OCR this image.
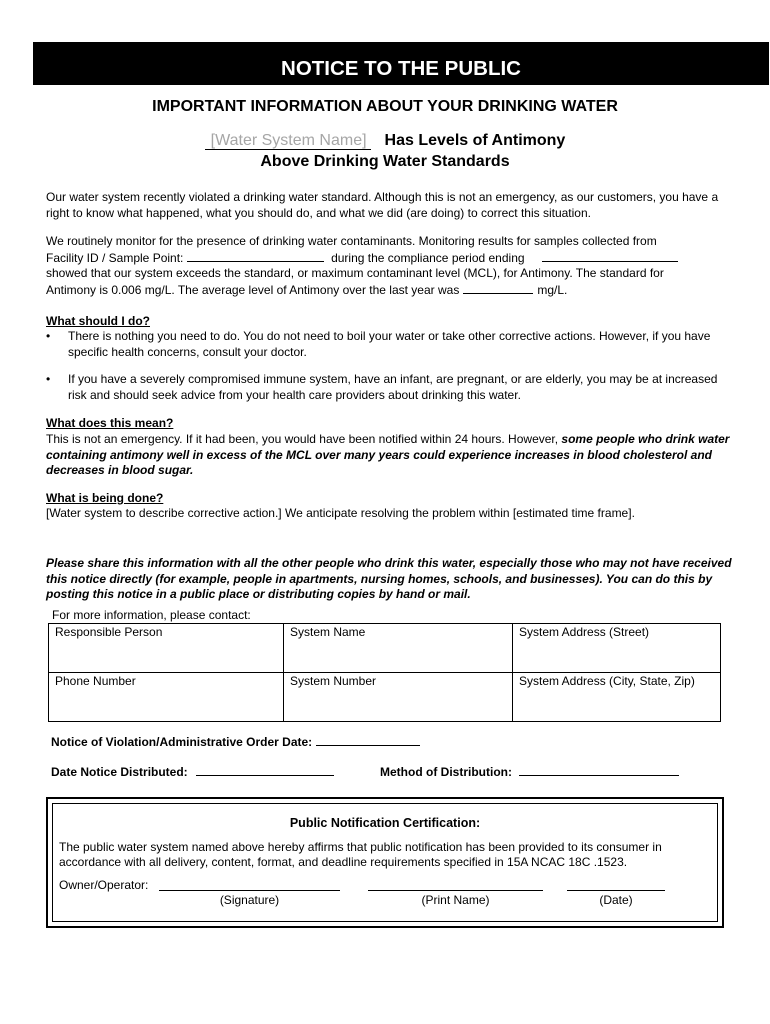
NOTICE TO THE PUBLIC
IMPORTANT INFORMATION ABOUT YOUR DRINKING WATER
[Water System Name] Has Levels of Antimony
Above Drinking Water Standards
Our water system recently violated a drinking water standard. Although this is not an emergency, as our customers, you have a right to know what happened, what you should do, and what we did (are doing) to correct this situation.
We routinely monitor for the presence of drinking water contaminants. Monitoring results for samples collected from
Facility ID / Sample Point:	during the compliance period ending
showed that our system exceeds the standard, or maximum contaminant level (MCL), for Antimony. The standard for
Antimony is 0.006 mg/L. The average level of Antimony over the last year was	mg/L.
What should I do?
• There is nothing you need to do. You do not need to boil your water or take other corrective actions. However, if you have specific health concerns, consult your doctor.
• If you have a severely compromised immune system, have an infant, are pregnant, or are elderly, you may be at increased risk and should seek advice from your health care providers about drinking this water.
What does this mean?
This is not an emergency. If it had been, you would have been notified within 24 hours. However, some people who drink water containing antimony well in excess of the MCL over many years could experience increases in blood cholesterol and decreases in blood sugar.
What is being done?
[Water system to describe corrective action.] We anticipate resolving the problem within [estimated time frame].
Please share this information with all the other people who drink this water, especially those who may not have received this notice directly (for example, people in apartments, nursing homes, schools, and businesses). You can do this by posting this notice in a public place or distributing copies by hand or mail.
For more information, please contact:
Responsible Person	System Name	System Address (Street)
Phone Number	System Number	System Address (City, State, Zip)
Notice of Violation/Administrative Order Date:
Date Notice Distributed:	Method of Distribution:
Public Notification Certification:
The public water system named above hereby affirms that public notification has been provided to its consumer in accordance with all delivery, content, format, and deadline requirements specified in 15A NCAC 18C .1523.
Owner/Operator:
(Signature)	(Print Name)	(Date)
